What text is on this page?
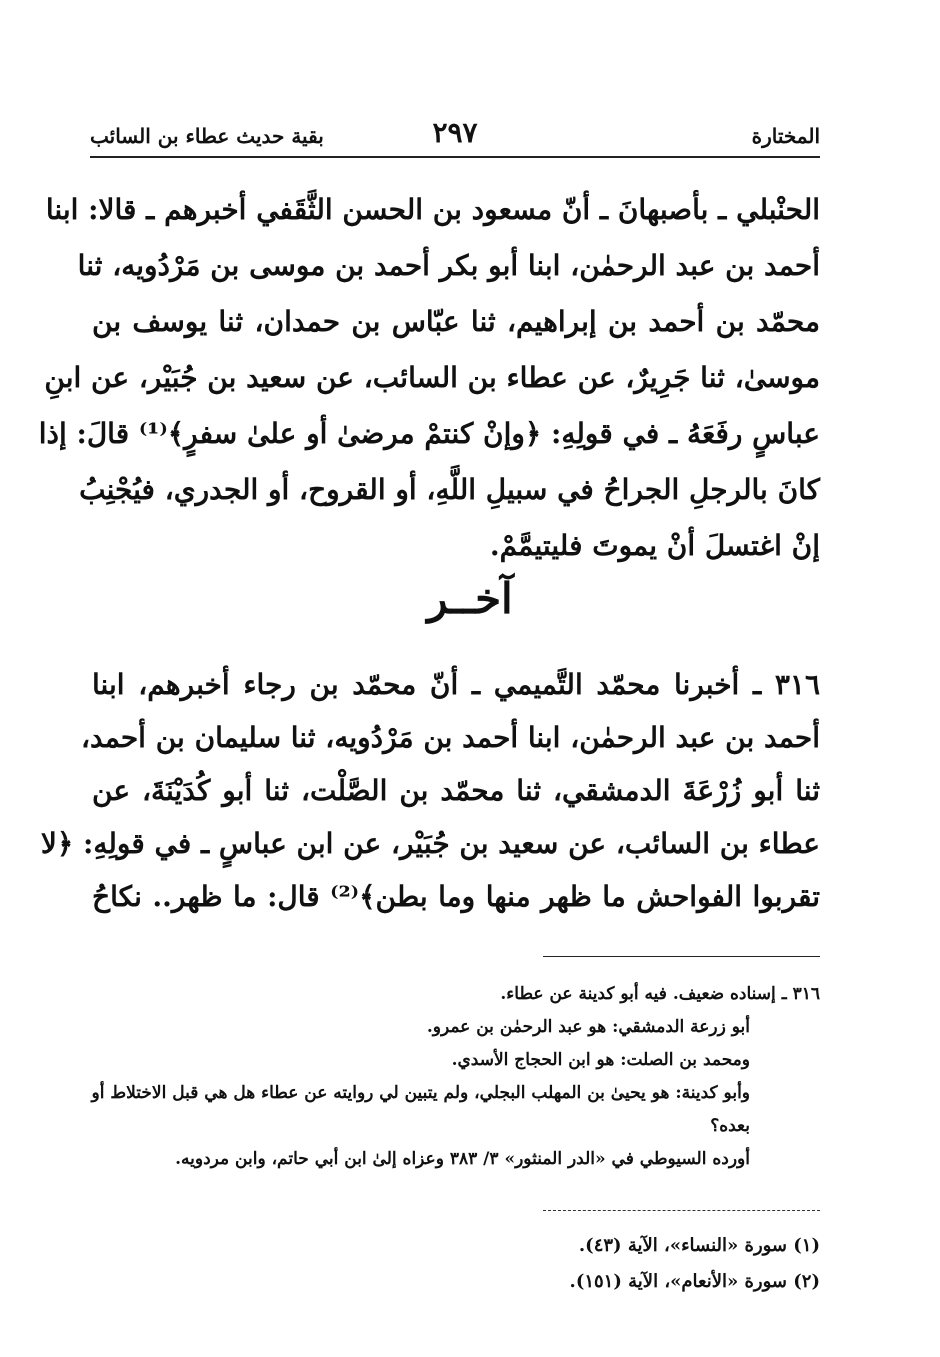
المختارة
٢٩٧
بقية حديث عطاء بن السائب
الحنْبلي ـ بأصبهانَ ـ أنّ مسعود بن الحسن الثَّقَفي أخبرهم ـ قالا: ابنا
أحمد بن عبد الرحمٰن، ابنا أبو بكر أحمد بن موسى بن مَرْدُويه، ثنا
محمّد بن أحمد بن إبراهيم، ثنا عبّاس بن حمدان، ثنا يوسف بن
موسىٰ، ثنا جَرِيرٌ، عن عطاء بن السائب، عن سعيد بن جُبَيْر، عن ابنِ
عباسٍ رفَعَهُ ـ في قولِهِ: ﴿وإنْ كنتمْ مرضىٰ أو علىٰ سفرٍ﴾⁽¹⁾ قالَ: إذا
كانَ بالرجلِ الجراحُ في سبيلِ اللَّهِ، أو القروح، أو الجدري، فيُجْنِبُ
إنْ اغتسلَ أنْ يموتَ فليتيمَّمْ.
آخــر
٣١٦ ـ أخبرنا محمّد التَّميمي ـ أنّ محمّد بن رجاء أخبرهم، ابنا
أحمد بن عبد الرحمٰن، ابنا أحمد بن مَرْدُويه، ثنا سليمان بن أحمد،
ثنا أبو زُرْعَةَ الدمشقي، ثنا محمّد بن الصَّلْت، ثنا أبو كُدَيْنَةَ، عن
عطاء بن السائب، عن سعيد بن جُبَيْر، عن ابن عباسٍ ـ في قولِهِ: ﴿لا
تقربوا الفواحش ما ظهر منها وما بطن﴾⁽²⁾ قال: ما ظهر.. نكاحُ
٣١٦ ـ إسناده ضعيف. فيه أبو كدينة عن عطاء.
أبو زرعة الدمشقي: هو عبد الرحمٰن بن عمرو.
ومحمد بن الصلت: هو ابن الحجاج الأسدي.
وأبو كدينة: هو يحيىٰ بن المهلب البجلي، ولم يتبين لي روايته عن عطاء هل هي قبل الاختلاط أو بعده؟
أورده السيوطي في «الدر المنثور» ٣/ ٣٨٣ وعزاه إلىٰ ابن أبي حاتم، وابن مردويه.
(١) سورة «النساء»، الآية (٤٣).
(٢) سورة «الأنعام»، الآية (١٥١).
